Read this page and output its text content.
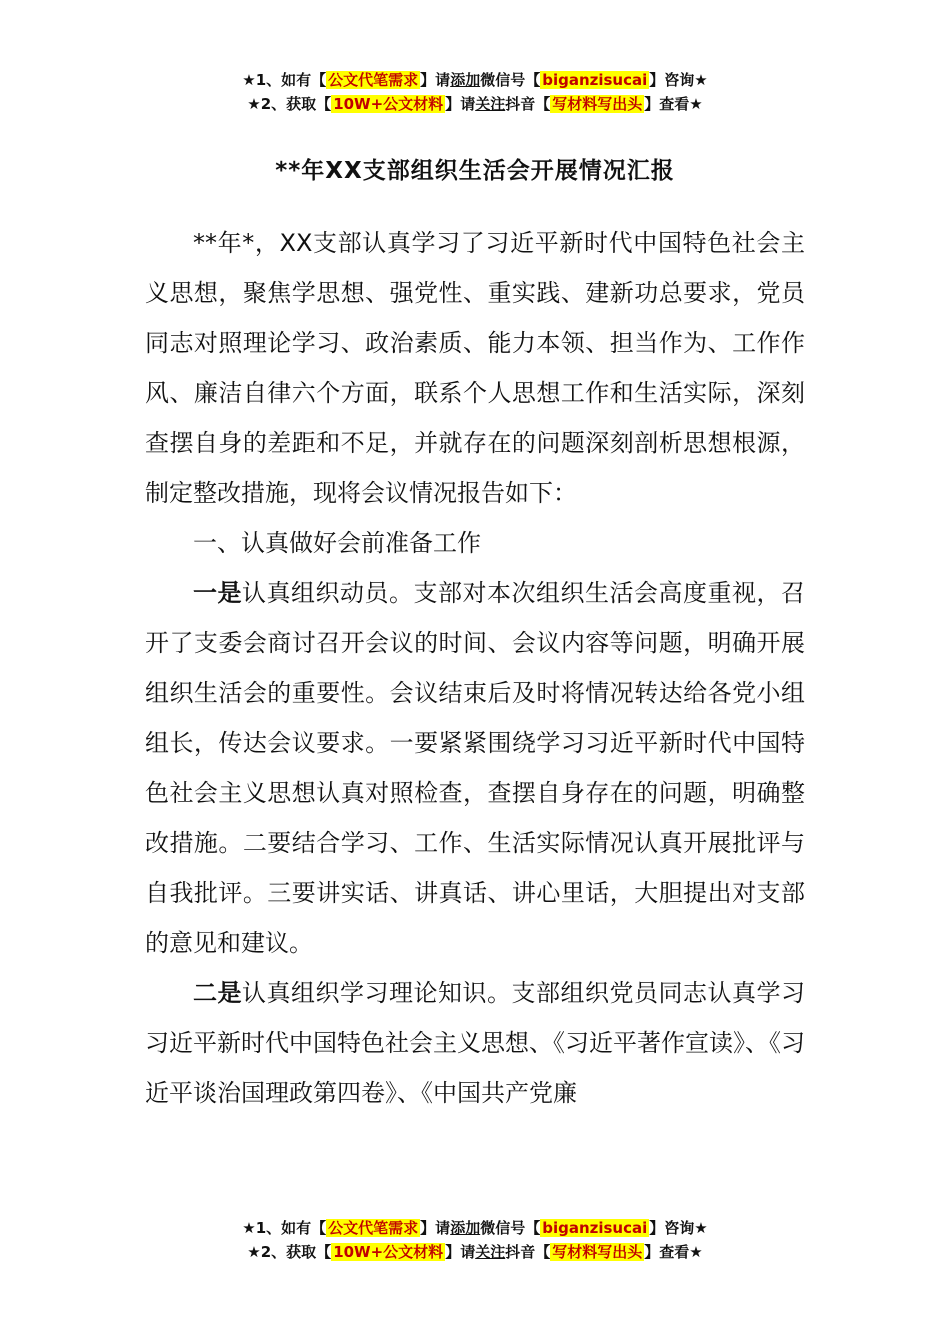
★1、如有【 公文代笔需求 】请添加微信号【 biganzisucai 】咨询★
★2、获取【 10W+公文材料 】请关注抖音【 写材料写出头 】查看★
**年XX支部组织生活会开展情况汇报

**年*，XX支部认真学习了习近平新时代中国特色社会主义思想，聚焦学思想、强党性、重实践、建新功总要求，党员同志对照理论学习、政治素质、能力本领、担当作为、工作作风、廉洁自律六个方面，联系个人思想工作和生活实际，深刻查摆自身的差距和不足，并就存在的问题深刻剖析思想根源，制定整改措施，现将会议情况报告如下：

一、认真做好会前准备工作

一是认真组织动员。支部对本次组织生活会高度重视，召开了支委会商讨召开会议的时间、会议内容等问题，明确开展组织生活会的重要性。会议结束后及时将情况转达给各党小组组长，传达会议要求。一要紧紧围绕学习习近平新时代中国特色社会主义思想认真对照检查，查摆自身存在的问题，明确整改措施。二要结合学习、工作、生活实际情况认真开展批评与自我批评。三要讲实话、讲真话、讲心里话，大胆提出对支部的意见和建议。

二是认真组织学习理论知识。支部组织党员同志认真学习习近平新时代中国特色社会主义思想、《习近平著作宣读》、《习近平谈治国理政第四卷》、《中国共产党廉

★1、如有【 公文代笔需求 】请添加微信号【 biganzisucai 】咨询★
★2、获取【 10W+公文材料 】请关注抖音【 写材料写出头 】查看★
